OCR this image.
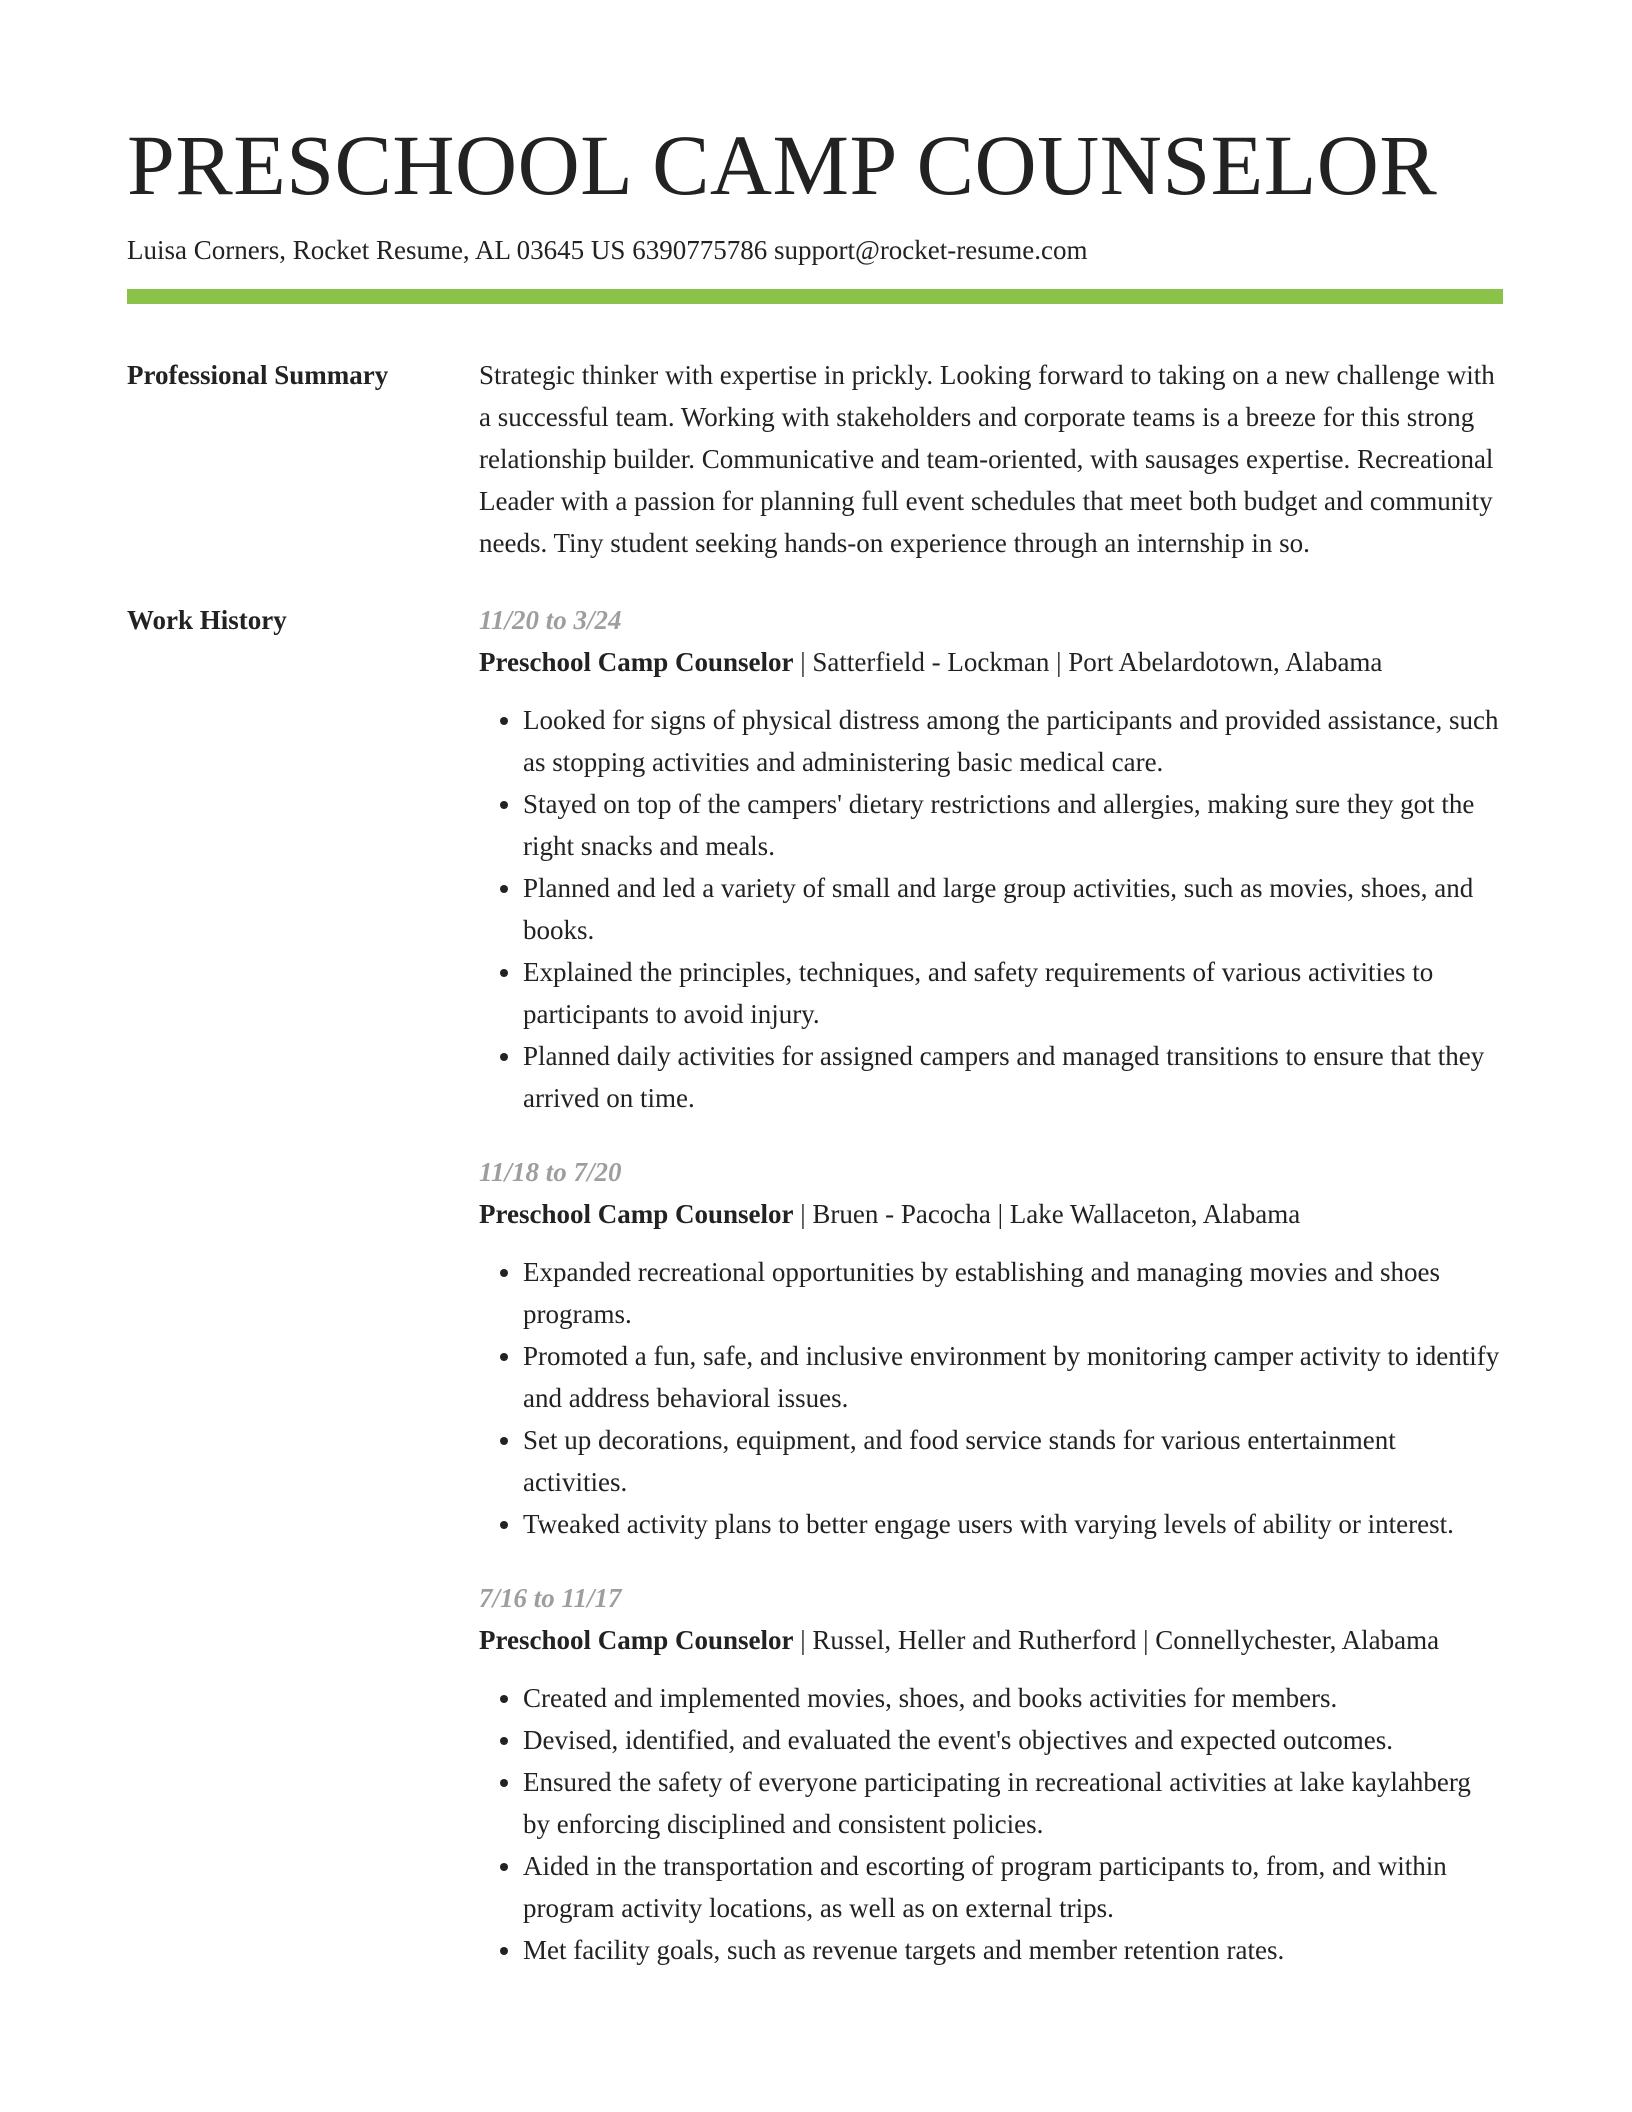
PRESCHOOL CAMP COUNSELOR
Luisa Corners, Rocket Resume, AL 03645 US 6390775786 support@rocket-resume.com
Professional Summary	Strategic thinker with expertise in prickly. Looking forward to taking on a new challenge with a successful team. Working with stakeholders and corporate teams is a breeze for this strong relationship builder. Communicative and team-oriented, with sausages expertise. Recreational Leader with a passion for planning full event schedules that meet both budget and community needs. Tiny student seeking hands-on experience through an internship in so.

Work History	11/20 to 3/24
Preschool Camp Counselor | Satterfield - Lockman | Port Abelardotown, Alabama
• Looked for signs of physical distress among the participants and provided assistance, such as stopping activities and administering basic medical care.
• Stayed on top of the campers' dietary restrictions and allergies, making sure they got the right snacks and meals.
• Planned and led a variety of small and large group activities, such as movies, shoes, and books.
• Explained the principles, techniques, and safety requirements of various activities to participants to avoid injury.
• Planned daily activities for assigned campers and managed transitions to ensure that they arrived on time.
11/18 to 7/20
Preschool Camp Counselor | Bruen - Pacocha | Lake Wallaceton, Alabama
• Expanded recreational opportunities by establishing and managing movies and shoes programs.
• Promoted a fun, safe, and inclusive environment by monitoring camper activity to identify and address behavioral issues.
• Set up decorations, equipment, and food service stands for various entertainment activities.
• Tweaked activity plans to better engage users with varying levels of ability or interest.
7/16 to 11/17
Preschool Camp Counselor | Russel, Heller and Rutherford | Connellychester, Alabama
• Created and implemented movies, shoes, and books activities for members.
• Devised, identified, and evaluated the event's objectives and expected outcomes.
• Ensured the safety of everyone participating in recreational activities at lake kaylahberg by enforcing disciplined and consistent policies.
• Aided in the transportation and escorting of program participants to, from, and within program activity locations, as well as on external trips.
• Met facility goals, such as revenue targets and member retention rates.
